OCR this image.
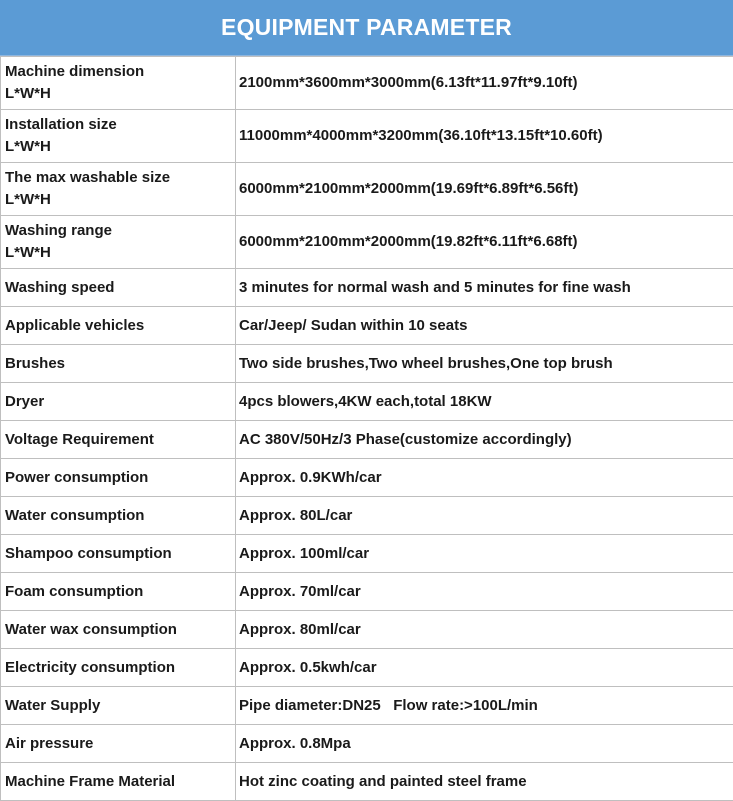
EQUIPMENT PARAMETER
Machine dimension
L*W*H	2100mm*3600mm*3000mm(6.13ft*11.97ft*9.10ft)
Installation size
L*W*H	11000mm*4000mm*3200mm(36.10ft*13.15ft*10.60ft)
The max washable size
L*W*H	6000mm*2100mm*2000mm(19.69ft*6.89ft*6.56ft)
Washing range
L*W*H	6000mm*2100mm*2000mm(19.82ft*6.11ft*6.68ft)
Washing speed	3 minutes for normal wash and 5 minutes for fine wash
Applicable vehicles	Car/Jeep/ Sudan within 10 seats
Brushes	Two side brushes,Two wheel brushes,One top brush
Dryer	4pcs blowers,4KW each,total 18KW
Voltage Requirement	AC 380V/50Hz/3 Phase(customize accordingly)
Power consumption	Approx. 0.9KWh/car
Water consumption	Approx. 80L/car
Shampoo consumption	Approx. 100ml/car
Foam consumption	Approx. 70ml/car
Water wax consumption	Approx. 80ml/car
Electricity consumption	Approx. 0.5kwh/car
Water Supply	Pipe diameter:DN25   Flow rate:>100L/min
Air pressure	Approx. 0.8Mpa
Machine Frame Material	Hot zinc coating and painted steel frame
